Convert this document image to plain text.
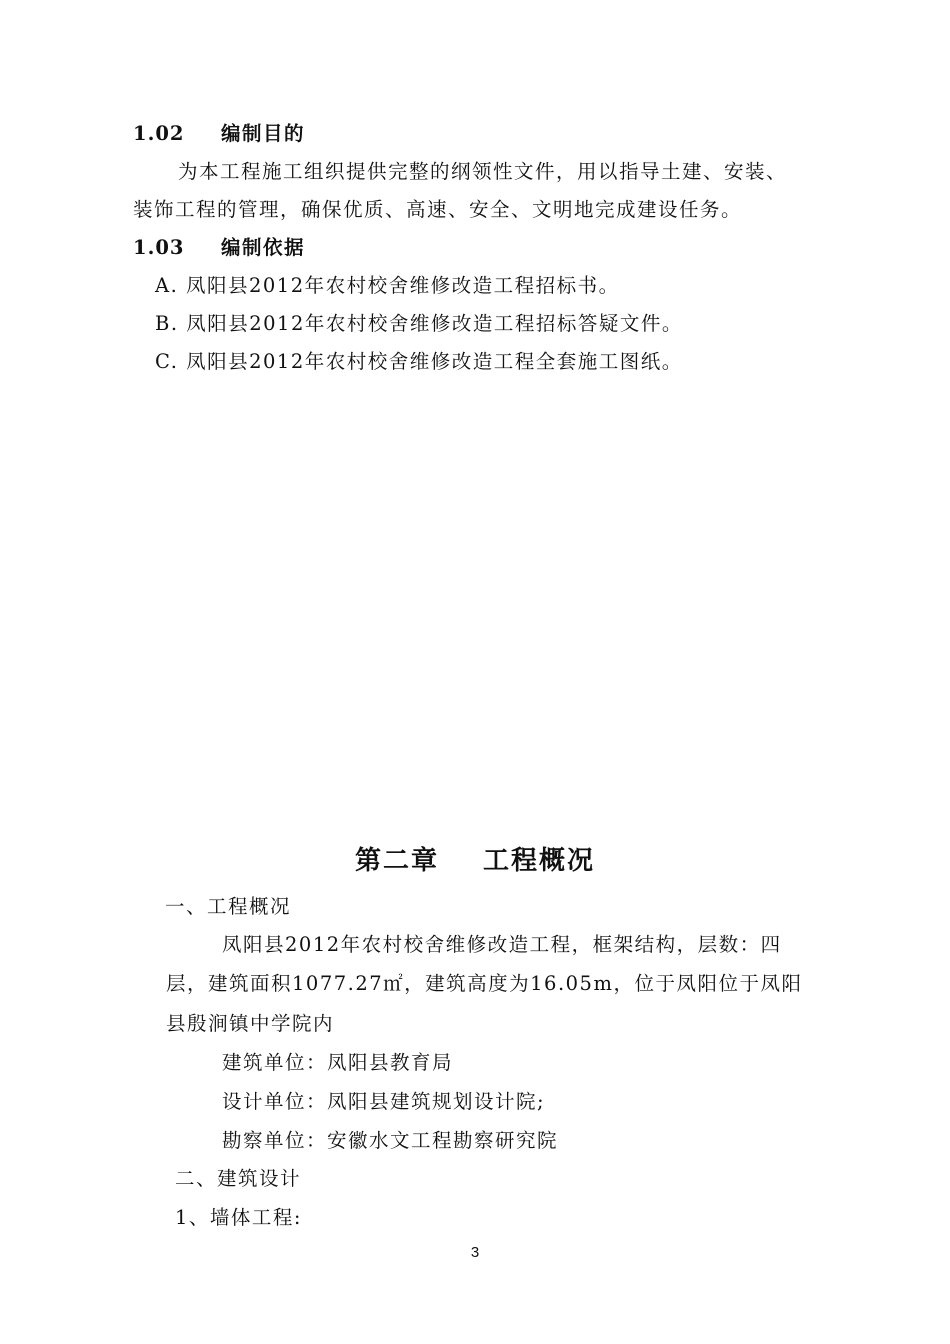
1.02 编制目的
为本工程施工组织提供完整的纲领性文件，用以指导土建、安装、
装饰工程的管理，确保优质、高速、安全、文明地完成建设任务。
1.03 编制依据
A. 凤阳县2012年农村校舍维修改造工程招标书。
B. 凤阳县2012年农村校舍维修改造工程招标答疑文件。
C. 凤阳县2012年农村校舍维修改造工程全套施工图纸。
第二章 工程概况
一、工程概况
凤阳县2012年农村校舍维修改造工程，框架结构，层数：四
层，建筑面积1077.27㎡，建筑高度为16.05m，位于凤阳位于凤阳
县殷涧镇中学院内
建筑单位：凤阳县教育局
设计单位：凤阳县建筑规划设计院;
勘察单位：安徽水文工程勘察研究院
二、建筑设计
1、墙体工程:
3
